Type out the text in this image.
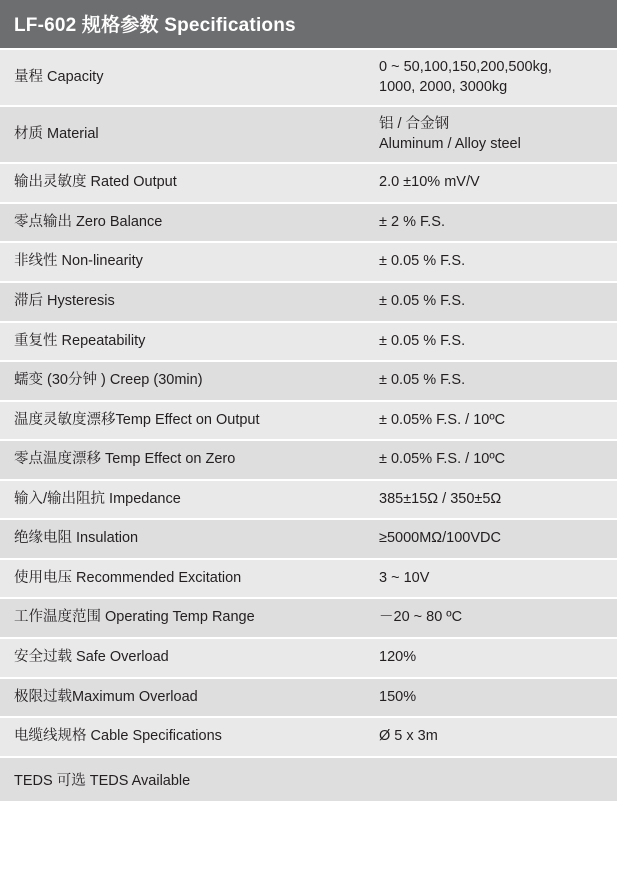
LF-602 规格参数 Specifications	
量程 Capacity	0 ~ 50,100,150,200,500kg,
1000, 2000, 3000kg

材质 Material	铝 / 合金钢
Aluminum / Alloy steel

输出灵敏度 Rated Output	2.0 ±10% mV/V
零点输出 Zero Balance	± 2 % F.S.
非线性 Non-linearity	± 0.05 % F.S.
滞后 Hysteresis	± 0.05 % F.S.
重复性 Repeatability	± 0.05 % F.S.
蠕变 (30分钟 ) Creep (30min)	± 0.05 % F.S.
温度灵敏度漂移Temp Effect on Output	± 0.05% F.S. / 10ºC
零点温度漂移 Temp Effect on Zero	± 0.05% F.S. / 10ºC
输入/输出阻抗 Impedance	385±15Ω / 350±5Ω
绝缘电阻 Insulation	≥5000MΩ/100VDC
使用电压 Recommended Excitation	3 ~ 10V
工作温度范围 Operating Temp Range	－20 ~ 80 ºC
安全过载 Safe Overload	120%
极限过载Maximum Overload	150%
电缆线规格 Cable Specifications	Ø 5 x 3m
TEDS 可选 TEDS Available	
